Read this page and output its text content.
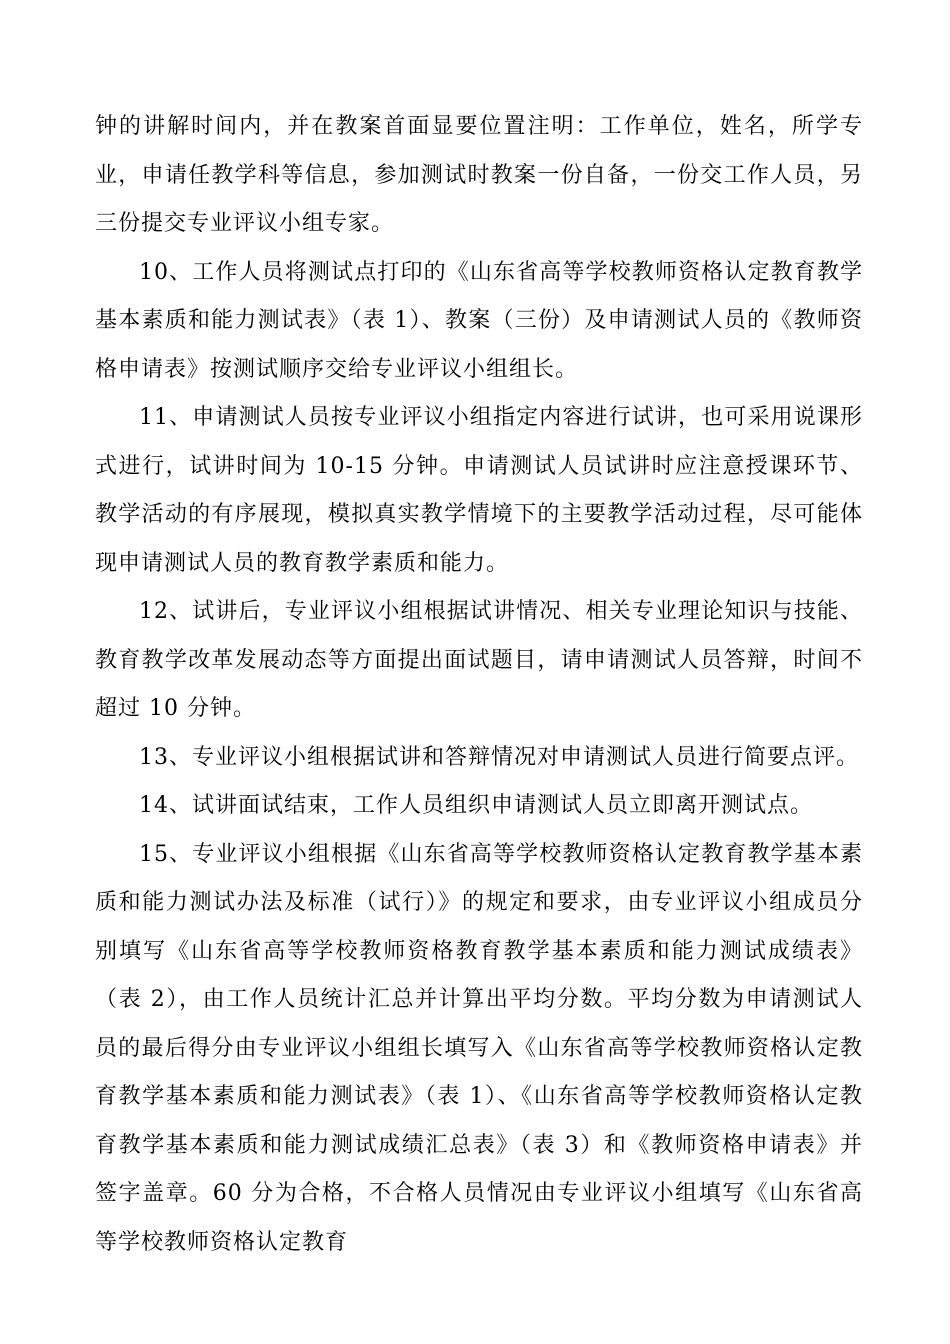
钟的讲解时间内，并在教案首面显要位置注明：工作单位，姓名，所学专业，申请任教学科等信息，参加测试时教案一份自备，一份交工作人员，另三份提交专业评议小组专家。

10、工作人员将测试点打印的《山东省高等学校教师资格认定教育教学基本素质和能力测试表》（表 1）、教案（三份）及申请测试人员的《教师资格申请表》按测试顺序交给专业评议小组组长。

11、申请测试人员按专业评议小组指定内容进行试讲，也可采用说课形式进行，试讲时间为 10-15 分钟。申请测试人员试讲时应注意授课环节、教学活动的有序展现，模拟真实教学情境下的主要教学活动过程，尽可能体现申请测试人员的教育教学素质和能力。

12、试讲后，专业评议小组根据试讲情况、相关专业理论知识与技能、教育教学改革发展动态等方面提出面试题目，请申请测试人员答辩，时间不超过 10 分钟。

13、专业评议小组根据试讲和答辩情况对申请测试人员进行简要点评。

14、试讲面试结束，工作人员组织申请测试人员立即离开测试点。

15、专业评议小组根据《山东省高等学校教师资格认定教育教学基本素质和能力测试办法及标准（试行）》的规定和要求，由专业评议小组成员分别填写《山东省高等学校教师资格教育教学基本素质和能力测试成绩表》（表 2），由工作人员统计汇总并计算出平均分数。平均分数为申请测试人员的最后得分由专业评议小组组长填写入《山东省高等学校教师资格认定教育教学基本素质和能力测试表》（表 1）、《山东省高等学校教师资格认定教育教学基本素质和能力测试成绩汇总表》（表 3）和《教师资格申请表》并签字盖章。60 分为合格，不合格人员情况由专业评议小组填写《山东省高等学校教师资格认定教育
